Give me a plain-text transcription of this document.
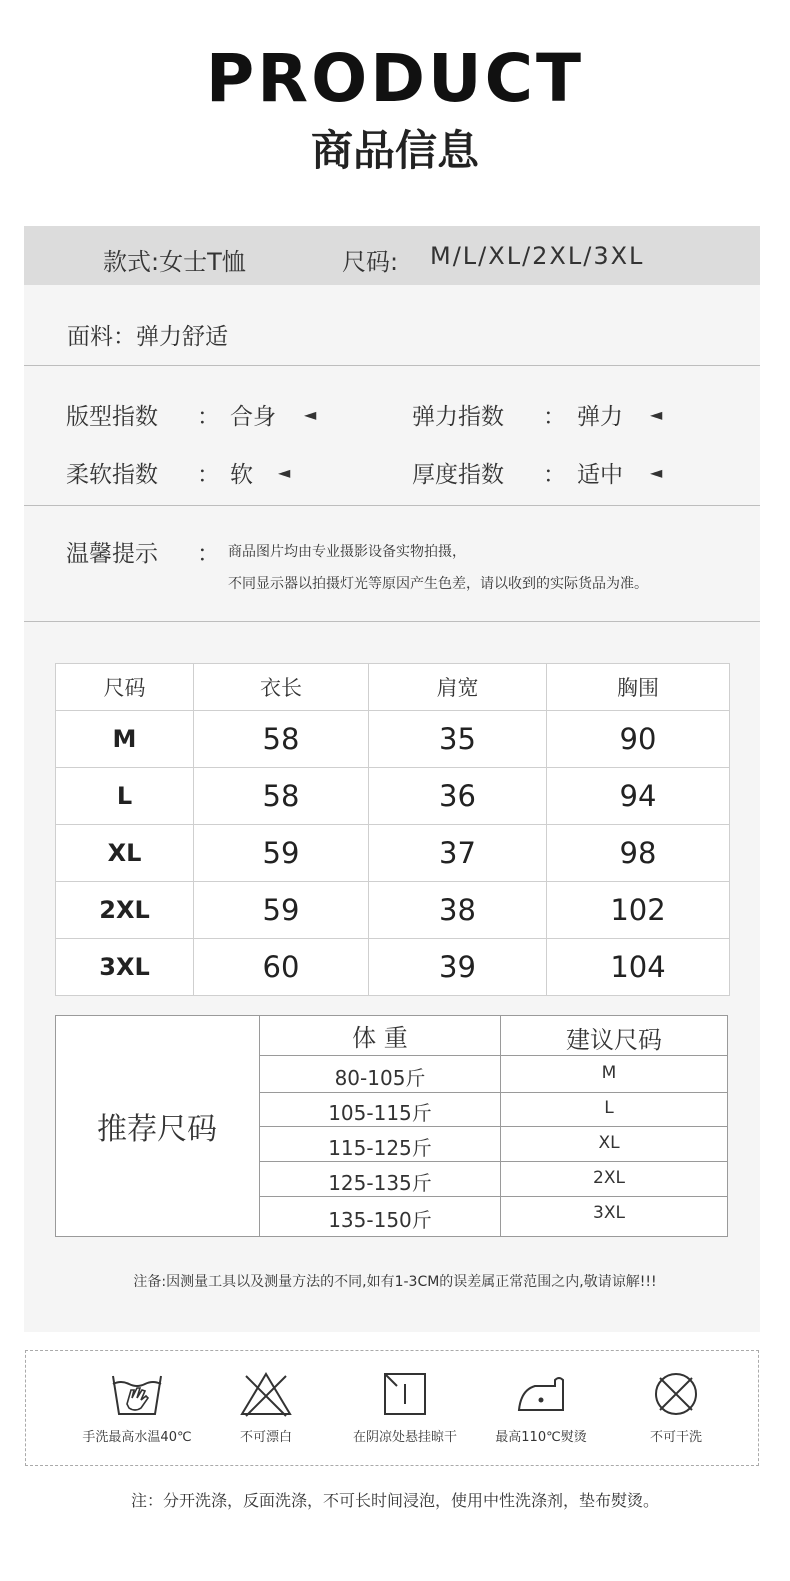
PRODUCT
商品信息
款式:女士T恤	尺码: M/L/XL/2XL/3XL
面料：弹力舒适
版型指数 ： 合身 ◄	弹力指数 ： 弹力 ◄
柔软指数 ： 软 ◄	厚度指数 ： 适中 ◄
温馨提示 ： 商品图片均由专业摄影设备实物拍摄，
不同显示器以拍摄灯光等原因产生色差，请以收到的实际货品为准。
尺码	衣长	肩宽	胸围
M	58	35	90
L	58	36	94
XL	59	37	98
2XL	59	38	102
3XL	60	39	104
推荐尺码
体 重	建议尺码
80-105斤	M
105-115斤	L
115-125斤	XL
125-135斤	2XL
135-150斤	3XL
注备:因测量工具以及测量方法的不同,如有1-3CM的误差属正常范围之内,敬请谅解!!!
手洗最高水温40℃	不可漂白	在阴凉处悬挂晾干	最高110℃熨烫	不可干洗
注：分开洗涤，反面洗涤，不可长时间浸泡，使用中性洗涤剂，垫布熨烫。
